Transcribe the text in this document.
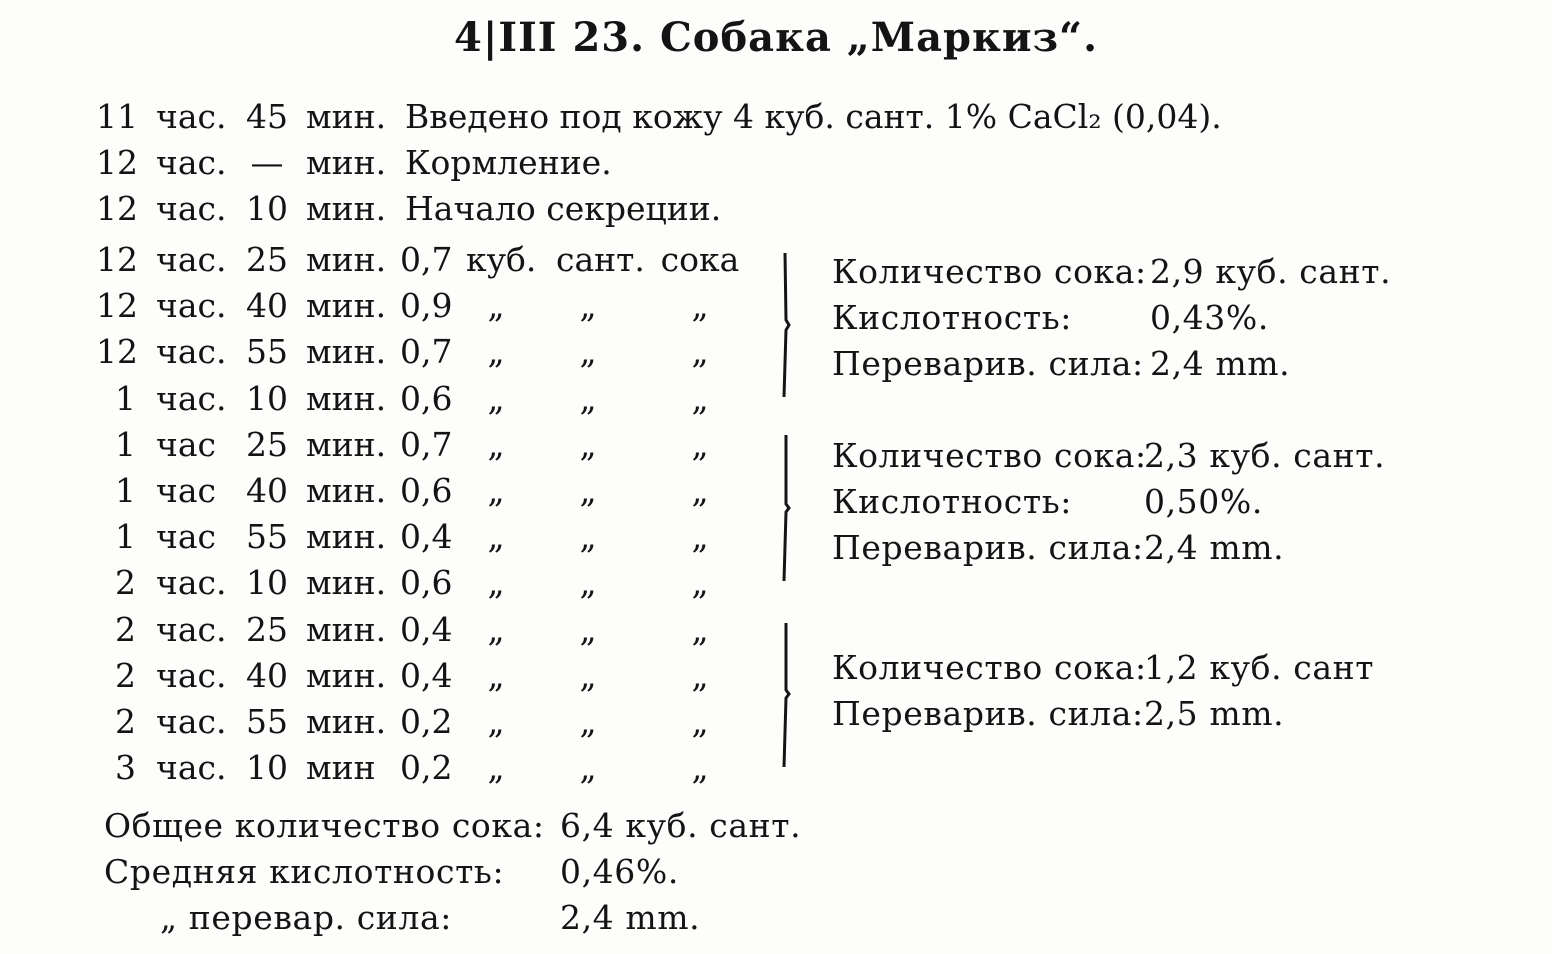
4|III 23. Собака „Маркиз“.
11 час. 45 мин. Введено под кожу 4 куб. сант. 1% CaCl₂ (0,04).
12 час. — мин. Кормление.
12 час. 10 мин. Начало секреции.
12 час. 25 мин. 0,7 куб. сант. сока
12 час. 40 мин. 0,9	„	„	„
12 час. 55 мин. 0,7	„	„	„
1 час. 10 мин. 0,6	„	„	„
1 час 25 мин. 0,7	„	„	„
1 час 40 мин. 0,6	„	„	„
1 час 55 мин. 0,4	„	„	„
2 час. 10 мин. 0,6	„	„	„
2 час. 25 мин. 0,4	„	„	„
2 час. 40 мин. 0,4	„	„	„
2 час. 55 мин. 0,2	„	„	„
3 час. 10 мин 0,2	„	„	„
Количество сока: 2,9 куб. сант.
Кислотность: 0,43%.
Переварив. сила: 2,4 mm.
Количество сока:
2,3 куб. сант.
Кислотность: 0,50%.
Переварив. сила: 2,4 mm.
Количество сока:
1,2 куб. сант
Переварив. сила: 2,5 mm.
Общее количество сока: 6,4 куб. сант.
Средняя кислотность: 0,46%.
„ перевар. сила:	2,4 mm.
